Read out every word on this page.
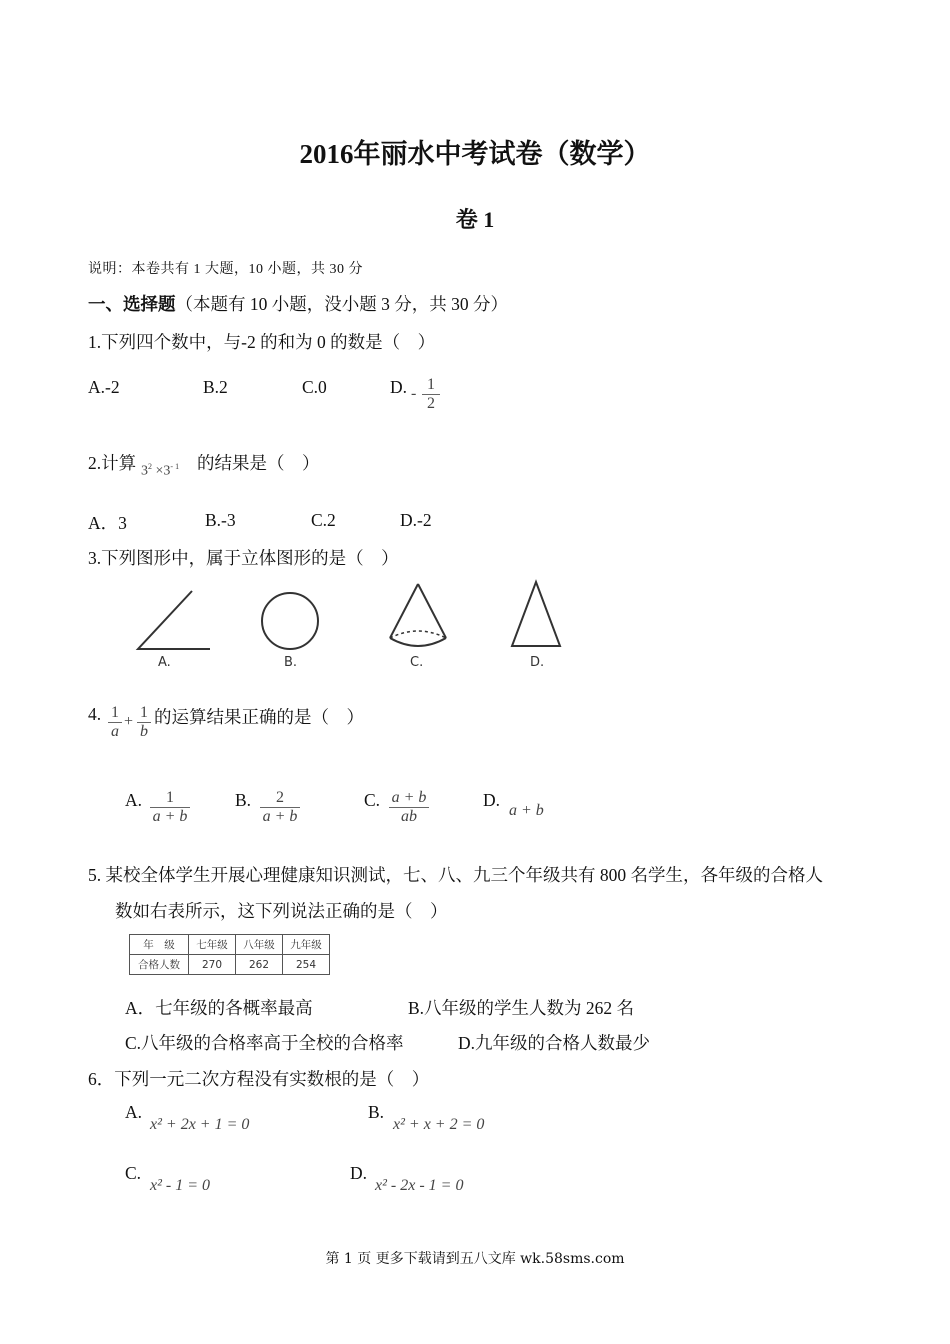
2016年丽水中考试卷（数学）
卷 1
说明：本卷共有 1 大题，10 小题，共 30 分
一、选择题（本题有 10 小题，没小题 3 分，共 30 分）
1.下列四个数中，与-2 的和为 0 的数是（　）
A.-2	B.2	C.0	D. -
1
2
2.计算 $3^2 \times 3^{- 1}$ 的结果是（　）
A．3	B.-3	C.2	D.-2
3.下列图形中，属于立体图形的是（　）
A.	B.	C.	D.
4. 1
a
+
1
b
的运算结果正确的是（　）
A.	1
a + b
B.	2
a + b
C. a + b
ab
D.
a + b
5. 某校全体学生开展心理健康知识测试，七、八、九三个年级共有 800 名学生，各年级的合格人
数如右表所示，这下列说法正确的是（　）
年　级	七年级	八年级	九年级
合格人数	270	262	254
A．七年级的各概率最高	B.八年级的学生人数为 262 名
C.八年级的合格率高于全校的合格率	D.九年级的合格人数最少
6．下列一元二次方程没有实数根的是（　）
A.
x² + 2x + 1 = 0
B.
x² + x + 2 = 0
C.
x² - 1 = 0
D.
x² - 2x - 1 = 0
第 1 页 更多下载请到五八文库 wk.58sms.com
